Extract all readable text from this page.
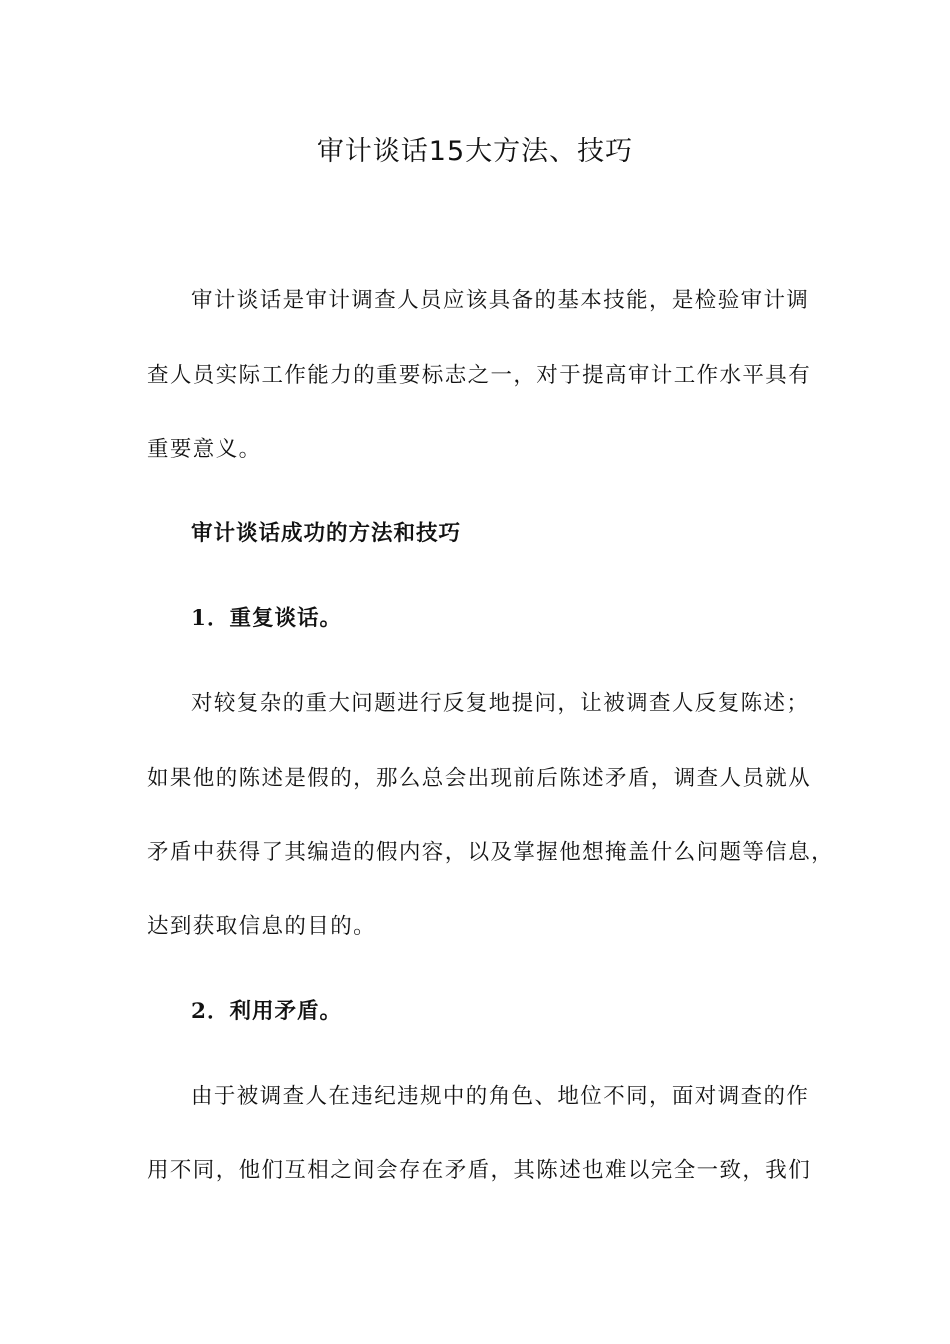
审计谈话15大方法、技巧
审计谈话是审计调查人员应该具备的基本技能，是检验审计调
查人员实际工作能力的重要标志之一，对于提高审计工作水平具有
重要意义。
审计谈话成功的方法和技巧
1．重复谈话。
对较复杂的重大问题进行反复地提问，让被调查人反复陈述；
如果他的陈述是假的，那么总会出现前后陈述矛盾，调查人员就从
矛盾中获得了其编造的假内容，以及掌握他想掩盖什么问题等信息，
达到获取信息的目的。
2．利用矛盾。
由于被调查人在违纪违规中的角色、地位不同，面对调查的作
用不同，他们互相之间会存在矛盾，其陈述也难以完全一致，我们
